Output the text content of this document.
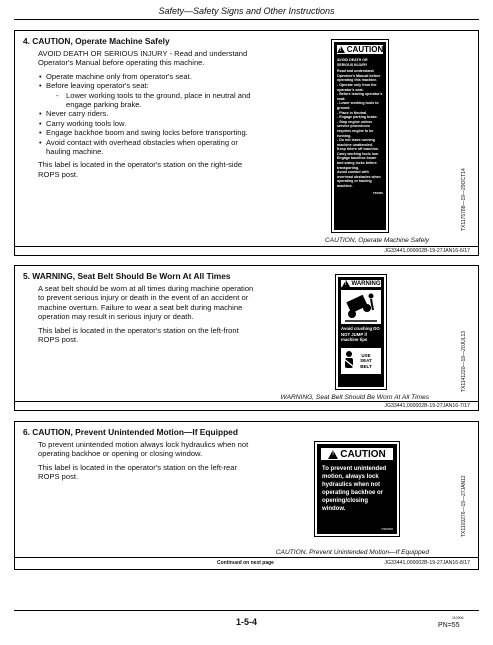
Safety—Safety Signs and Other Instructions
4. CAUTION, Operate Machine Safely

AVOID DEATH OR SERIOUS INJURY - Read and understand Operator's Manual before operating this machine.

• Operate machine only from operator's seat.
• Before leaving operator's seat:
- Lower working tools to the ground, place in neutral and engage parking brake.
• Never carry riders.
• Carry working tools low.
• Engage backhoe boom and swing locks before transporting.
• Avoid contact with overhead obstacles when operating or hauling machine.

This label is located in the operator's station on the right-side ROPS post.

!
CAUTION
AVOID DEATH OR SERIOUS INJURY
Read and understand Operator's Manual before operating this machine.
- Operate only from the operator's seat.
- Before leaving operator's seat:
- Lower working tools to ground.
- Place in Neutral.
- Engage parking brake.
- Stop engine unless service procedures requires engine to be running.
- Do not leave running machine unattended.
Keep riders off machine.
Carry working tools low.
Engage backhoe boom and swing locks before transporting.
Avoid contact with overhead obstacles when operating or hauling machine.
T30000	TX1175788—19—29OCT14
CAUTION, Operate Machine Safely
JG33441,000002B-19-27JAN16-6/17
5. WARNING, Seat Belt Should Be Worn At All Times

A seat belt should be worn at all times during machine operation to prevent serious injury or death in the event of an accident or machine overturn. Failure to wear a seat belt during machine operation may result in serious injury or death.

This label is located in the operator's station on the left-front ROPS post.

!
WARNING
Avoid crushing DO NOT JUMP if machine tips
USE SEAT BELT	TX1141220—19—20JUL13
WARNING, Seat Belt Should Be Worn At All Times
JG33441,000002B-19-27JAN16-7/17
6. CAUTION, Prevent Unintended Motion—If Equipped

To prevent unintended motion always lock hydraulics when not operating backhoe or opening or closing window.

This label is located in the operator's station on the left-rear ROPS post.

!
CAUTION
To prevent unintended motion, always lock hydraulics when not operating backhoe or opening/closing window.
T300000	TX1103276—19—27JAN12
CAUTION, Prevent Unintended Motion—If Equipped
Continued on next page	JG33441,000002B-19-27JAN16-8/17
1-5-4	110906
PN=55
